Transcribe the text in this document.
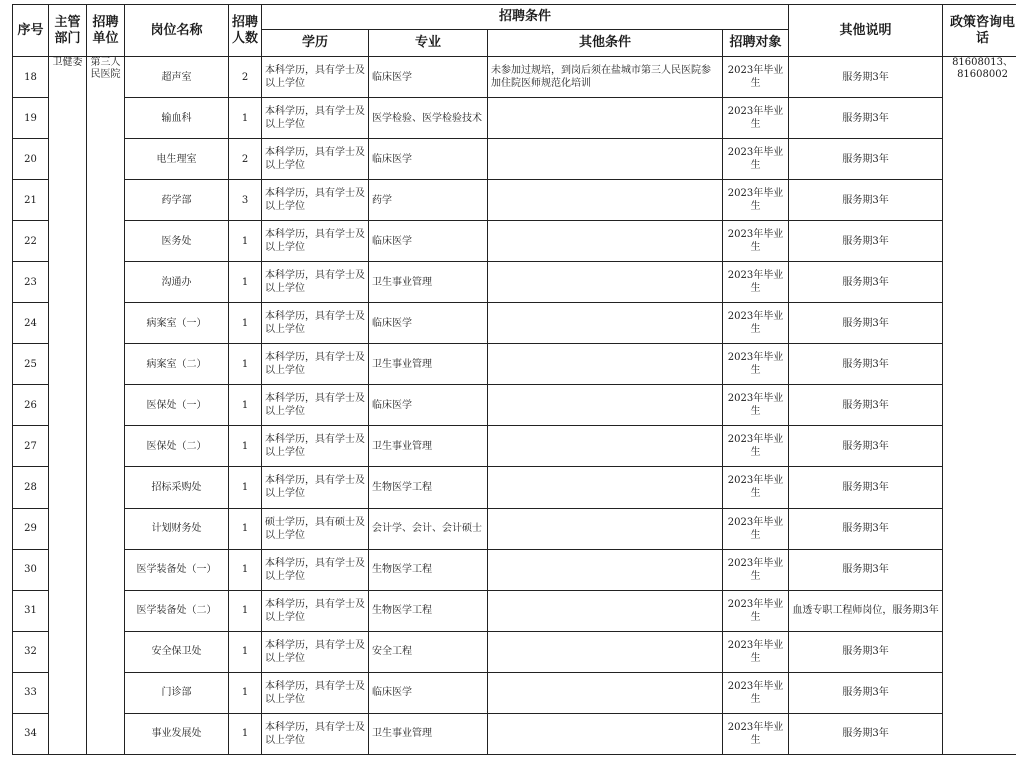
序号	主管部门	招聘单位	岗位名称	招聘人数	招聘条件				其他说明	政策咨询电话
					学历	专业	其他条件	招聘对象		
18	卫健委	第三人民医院	超声室	2	本科学历，具有学士及以上学位	临床医学	未参加过规培，到岗后须在盐城市第三人民医院参加住院医师规范化培训	2023年毕业生	服务期3年	81608013、81608002
19			输血科	1	本科学历，具有学士及以上学位	医学检验、医学检验技术		2023年毕业生	服务期3年	
20			电生理室	2	本科学历，具有学士及以上学位	临床医学		2023年毕业生	服务期3年	
21			药学部	3	本科学历，具有学士及以上学位	药学		2023年毕业生	服务期3年	
22			医务处	1	本科学历，具有学士及以上学位	临床医学		2023年毕业生	服务期3年	
23			沟通办	1	本科学历，具有学士及以上学位	卫生事业管理		2023年毕业生	服务期3年	
24			病案室（一）	1	本科学历，具有学士及以上学位	临床医学		2023年毕业生	服务期3年	
25			病案室（二）	1	本科学历，具有学士及以上学位	卫生事业管理		2023年毕业生	服务期3年	
26			医保处（一）	1	本科学历，具有学士及以上学位	临床医学		2023年毕业生	服务期3年	
27			医保处（二）	1	本科学历，具有学士及以上学位	卫生事业管理		2023年毕业生	服务期3年	
28			招标采购处	1	本科学历，具有学士及以上学位	生物医学工程		2023年毕业生	服务期3年	
29			计划财务处	1	硕士学历，具有硕士及以上学位	会计学、会计、会计硕士		2023年毕业生	服务期3年	
30			医学装备处（一）	1	本科学历，具有学士及以上学位	生物医学工程		2023年毕业生	服务期3年	
31			医学装备处（二）	1	本科学历，具有学士及以上学位	生物医学工程		2023年毕业生	血透专职工程师岗位，服务期3年	
32			安全保卫处	1	本科学历，具有学士及以上学位	安全工程		2023年毕业生	服务期3年	
33			门诊部	1	本科学历，具有学士及以上学位	临床医学		2023年毕业生	服务期3年	
34			事业发展处	1	本科学历，具有学士及以上学位	卫生事业管理		2023年毕业生	服务期3年	
